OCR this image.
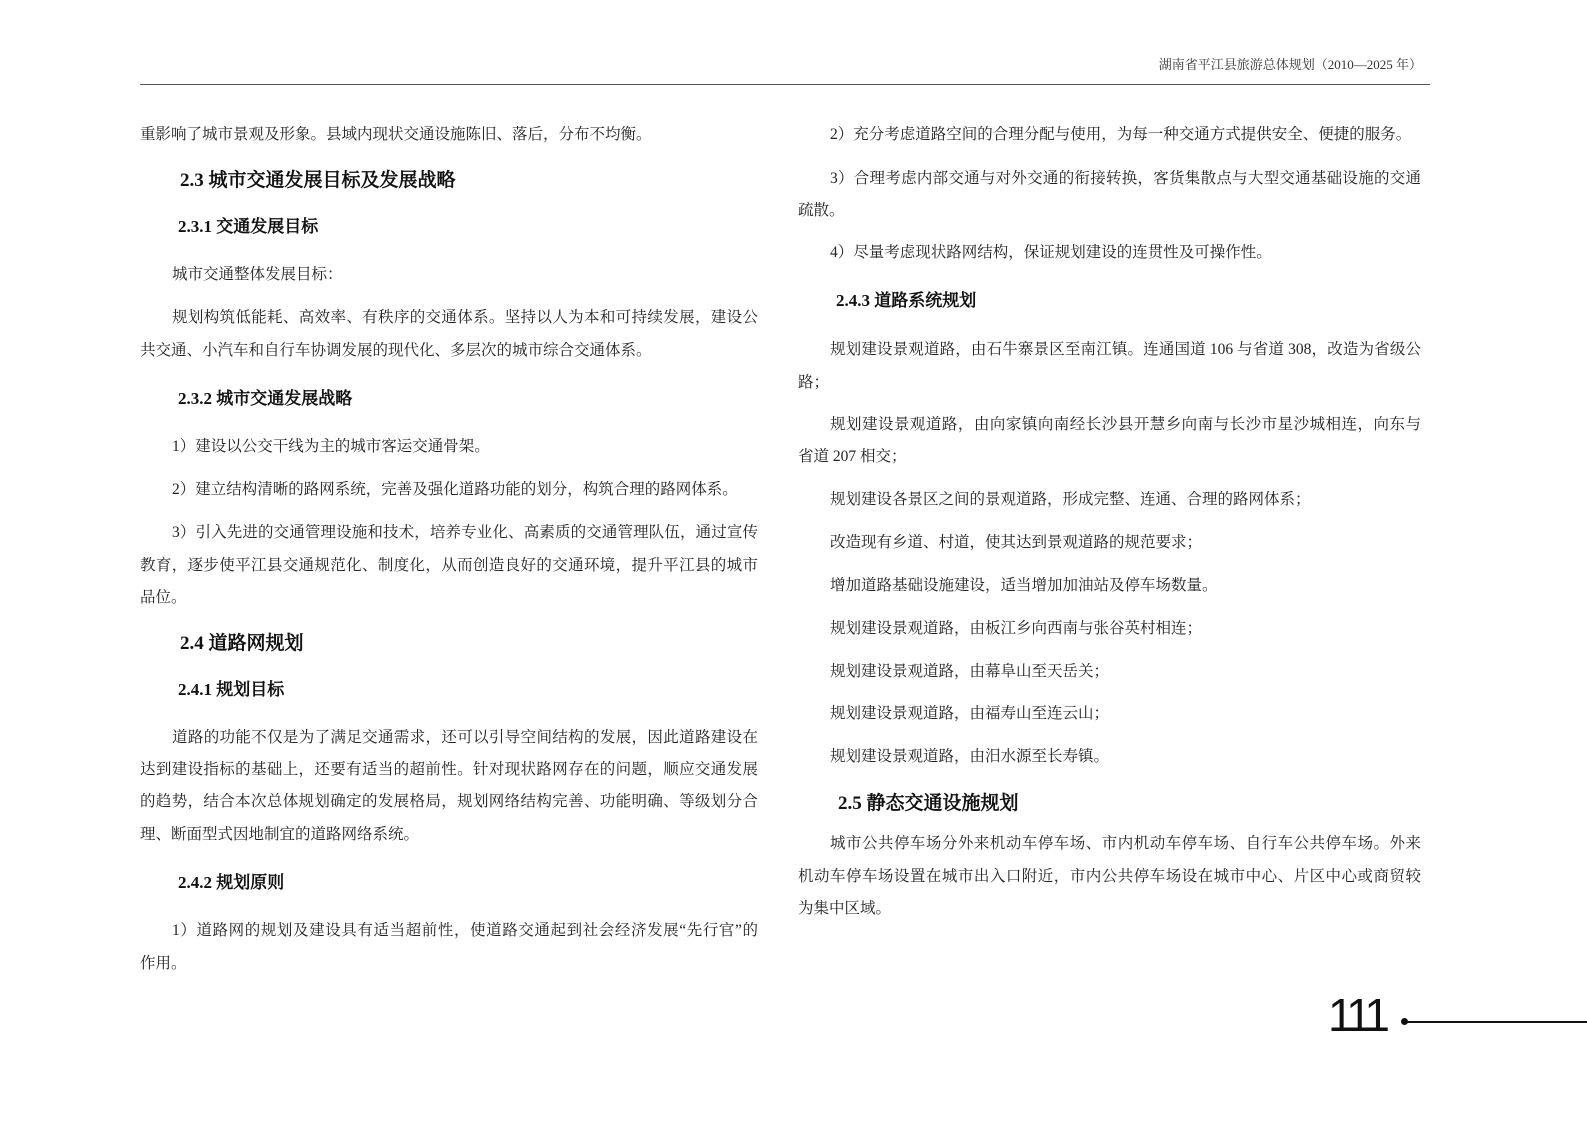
湖南省平江县旅游总体规划（2010—2025 年）
重影响了城市景观及形象。县域内现状交通设施陈旧、落后，分布不均衡。
2.3 城市交通发展目标及发展战略
2.3.1 交通发展目标
城市交通整体发展目标：
规划构筑低能耗、高效率、有秩序的交通体系。坚持以人为本和可持续发展，建设公
共交通、小汽车和自行车协调发展的现代化、多层次的城市综合交通体系。
2.3.2 城市交通发展战略
1）建设以公交干线为主的城市客运交通骨架。
2）建立结构清晰的路网系统，完善及强化道路功能的划分，构筑合理的路网体系。
3）引入先进的交通管理设施和技术，培养专业化、高素质的交通管理队伍，通过宣传
教育，逐步使平江县交通规范化、制度化，从而创造良好的交通环境，提升平江县的城市
品位。
2.4 道路网规划
2.4.1 规划目标
道路的功能不仅是为了满足交通需求，还可以引导空间结构的发展，因此道路建设在
达到建设指标的基础上，还要有适当的超前性。针对现状路网存在的问题，顺应交通发展
的趋势，结合本次总体规划确定的发展格局，规划网络结构完善、功能明确、等级划分合
理、断面型式因地制宜的道路网络系统。
2.4.2 规划原则
1）道路网的规划及建设具有适当超前性，使道路交通起到社会经济发展“先行官”的
作用。
2）充分考虑道路空间的合理分配与使用，为每一种交通方式提供安全、便捷的服务。
3）合理考虑内部交通与对外交通的衔接转换，客货集散点与大型交通基础设施的交通
疏散。
4）尽量考虑现状路网结构，保证规划建设的连贯性及可操作性。
2.4.3 道路系统规划
规划建设景观道路，由石牛寨景区至南江镇。连通国道 106 与省道 308，改造为省级公
路；
规划建设景观道路，由向家镇向南经长沙县开慧乡向南与长沙市星沙城相连，向东与
省道 207 相交；
规划建设各景区之间的景观道路，形成完整、连通、合理的路网体系；
改造现有乡道、村道，使其达到景观道路的规范要求；
增加道路基础设施建设，适当增加加油站及停车场数量。
规划建设景观道路，由板江乡向西南与张谷英村相连；
规划建设景观道路，由幕阜山至天岳关；
规划建设景观道路，由福寿山至连云山；
规划建设景观道路，由汨水源至长寿镇。
2.5 静态交通设施规划
城市公共停车场分外来机动车停车场、市内机动车停车场、自行车公共停车场。外来
机动车停车场设置在城市出入口附近，市内公共停车场设在城市中心、片区中心或商贸较
为集中区域。
111
